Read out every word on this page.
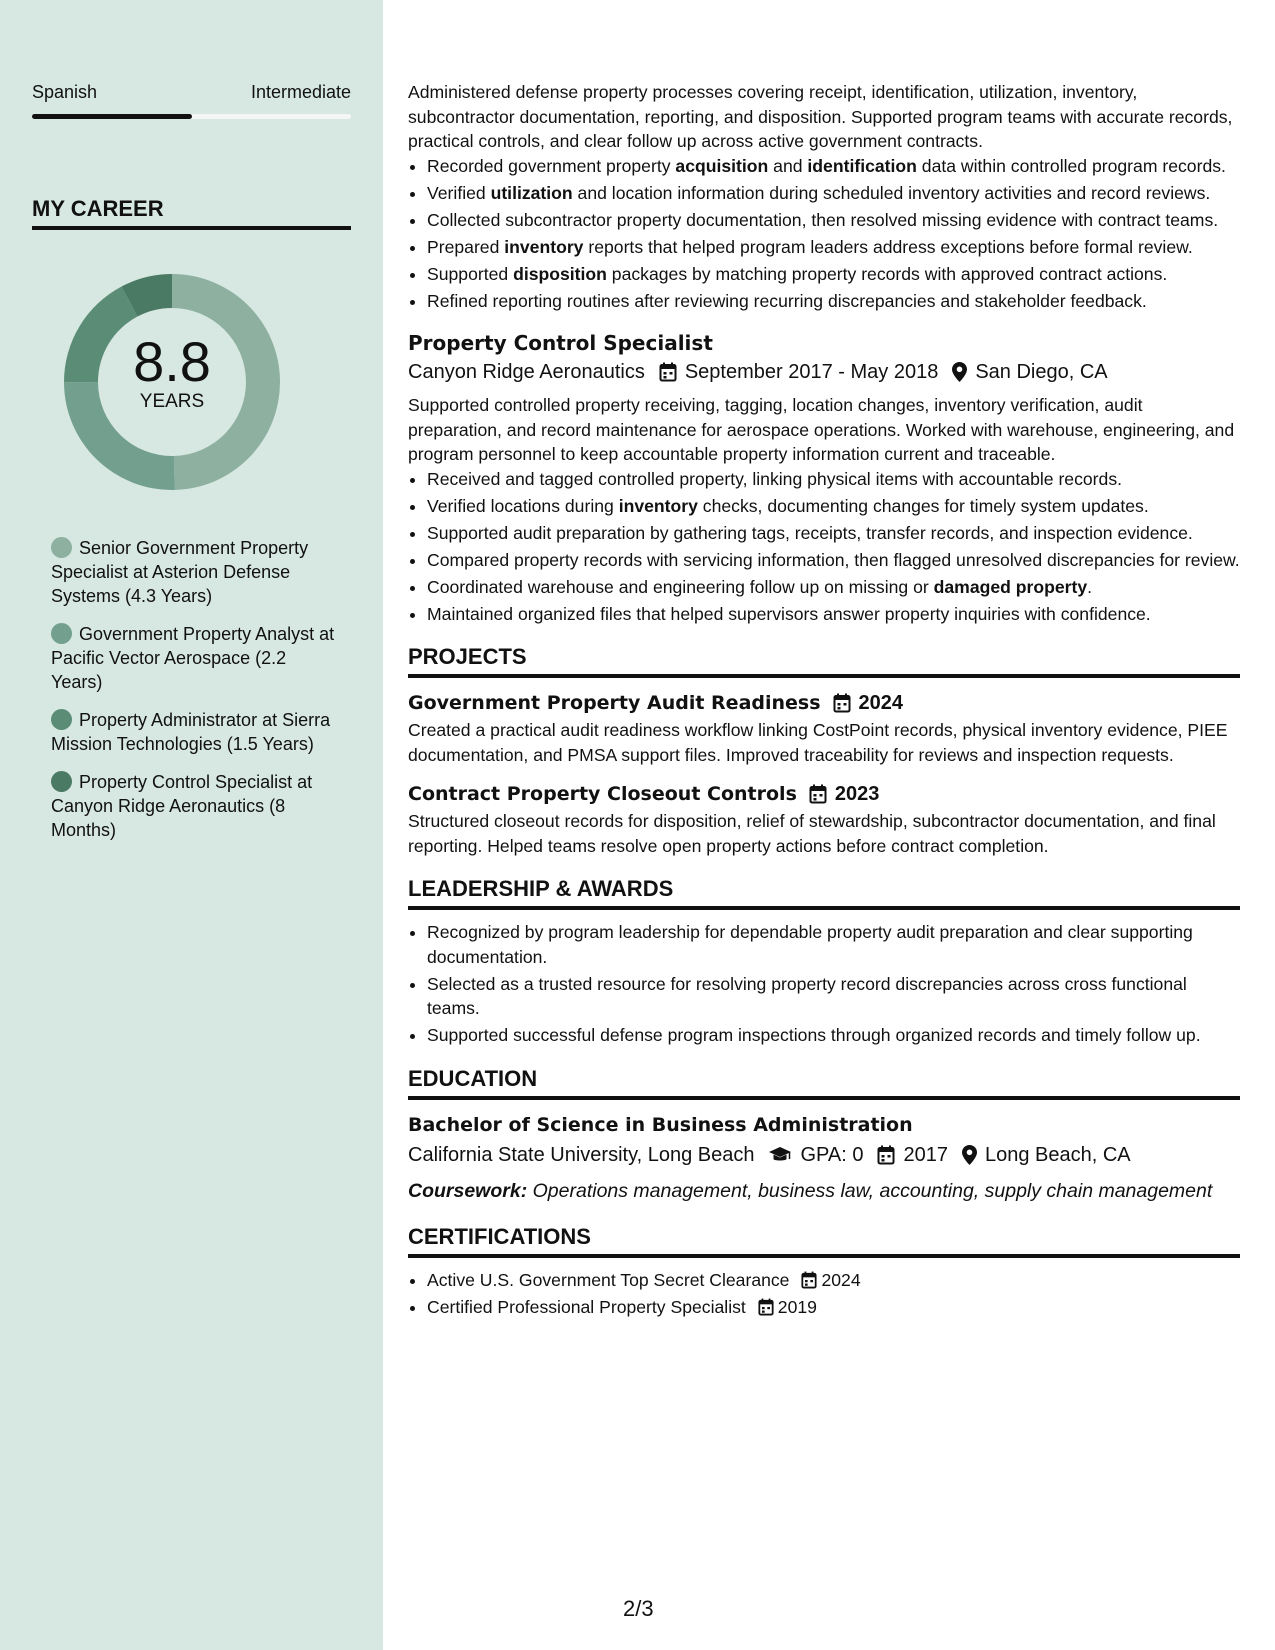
Spanish	Intermediate
MY CAREER
8.8
YEARS
Senior Government Property Specialist at Asterion Defense Systems (4.3 Years)
Government Property Analyst at Pacific Vector Aerospace (2.2 Years)
Property Administrator at Sierra Mission Technologies (1.5 Years)
Property Control Specialist at Canyon Ridge Aeronautics (8 Months)

Administered defense property processes covering receipt, identification, utilization, inventory, subcontractor documentation, reporting, and disposition. Supported program teams with accurate records, practical controls, and clear follow up across active government contracts.

• Recorded government property acquisition and identification data within controlled program records.
• Verified utilization and location information during scheduled inventory activities and record reviews.
• Collected subcontractor property documentation, then resolved missing evidence with contract teams.
• Prepared inventory reports that helped program leaders address exceptions before formal review.
• Supported disposition packages by matching property records with approved contract actions.
• Refined reporting routines after reviewing recurring discrepancies and stakeholder feedback.
Property Control Specialist
Canyon Ridge Aeronautics September 2017 - May 2018 San Diego, CA

Supported controlled property receiving, tagging, location changes, inventory verification, audit preparation, and record maintenance for aerospace operations. Worked with warehouse, engineering, and program personnel to keep accountable property information current and traceable.

• Received and tagged controlled property, linking physical items with accountable records.
• Verified locations during inventory checks, documenting changes for timely system updates.
• Supported audit preparation by gathering tags, receipts, transfer records, and inspection evidence.
• Compared property records with servicing information, then flagged unresolved discrepancies for review.
• Coordinated warehouse and engineering follow up on missing or damaged property.
• Maintained organized files that helped supervisors answer property inquiries with confidence.
PROJECTS
Government Property Audit Readiness 2024

Created a practical audit readiness workflow linking CostPoint records, physical inventory evidence, PIEE documentation, and PMSA support files. Improved traceability for reviews and inspection requests.

Contract Property Closeout Controls 2023

Structured closeout records for disposition, relief of stewardship, subcontractor documentation, and final reporting. Helped teams resolve open property actions before contract completion.

LEADERSHIP & AWARDS
• Recognized by program leadership for dependable property audit preparation and clear supporting documentation.
• Selected as a trusted resource for resolving property record discrepancies across cross functional teams.
• Supported successful defense program inspections through organized records and timely follow up.
EDUCATION
Bachelor of Science in Business Administration
California State University, Long Beach GPA: 0 2017 Long Beach, CA
Coursework: Operations management, business law, accounting, supply chain management
CERTIFICATIONS
• Active U.S. Government Top Secret Clearance 2024
• Certified Professional Property Specialist 2019
2/3
